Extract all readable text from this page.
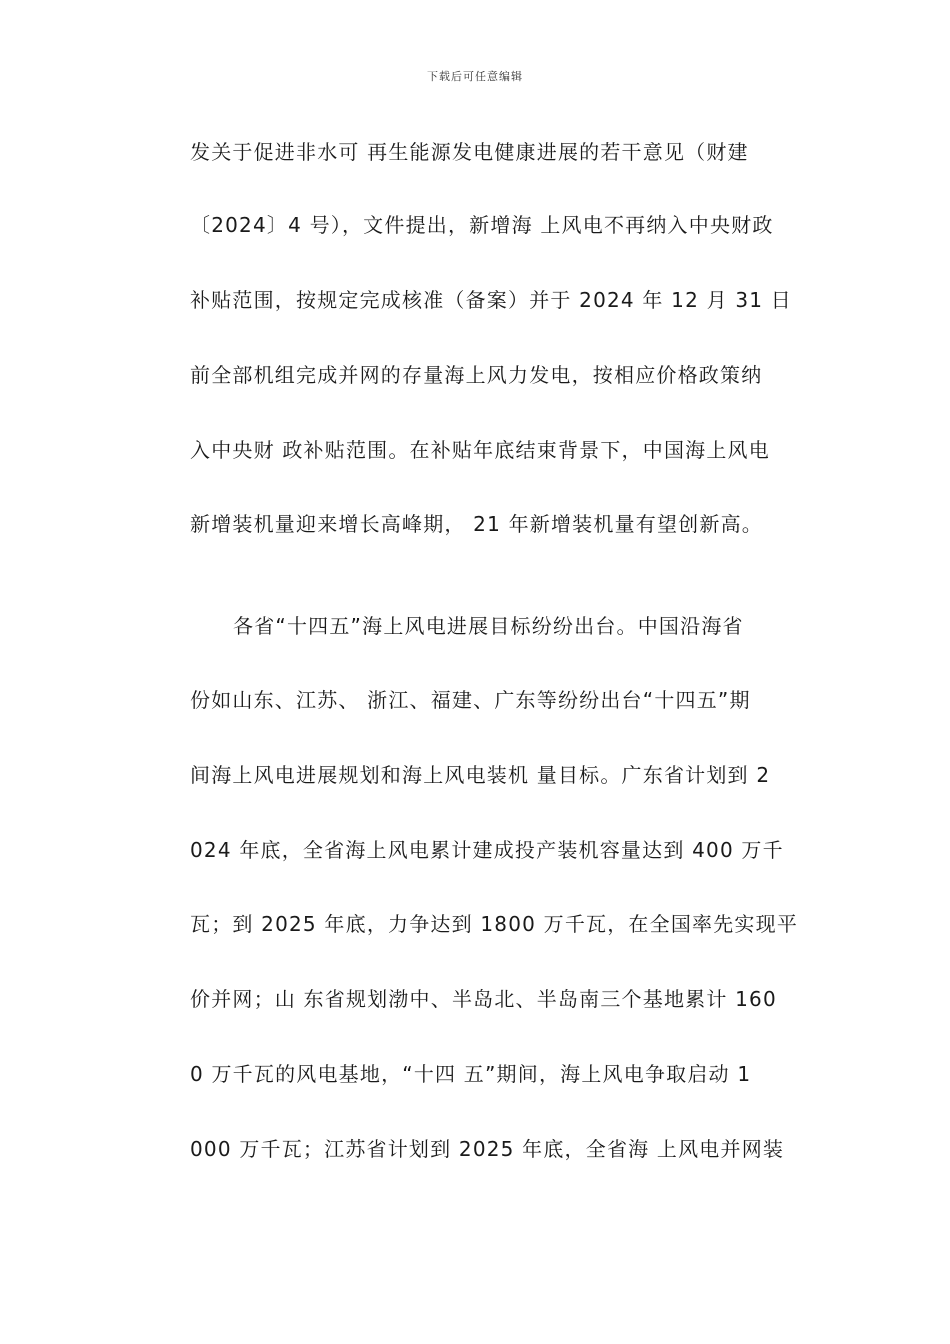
下载后可任意编辑
发关于促进非水可 再生能源发电健康进展的若干意见（财建
〔2024〕4 号），文件提出，新增海 上风电不再纳入中央财政
补贴范围，按规定完成核准（备案）并于 2024 年 12 月 31 日
前全部机组完成并网的存量海上风力发电，按相应价格政策纳
入中央财 政补贴范围。在补贴年底结束背景下，中国海上风电
新增装机量迎来增长高峰期， 21 年新增装机量有望创新高。
各省“十四五”海上风电进展目标纷纷出台。中国沿海省
份如山东、江苏、 浙江、福建、广东等纷纷出台“十四五”期
间海上风电进展规划和海上风电装机 量目标。广东省计划到 2
024 年底，全省海上风电累计建成投产装机容量达到 400 万千
瓦；到 2025 年底，力争达到 1800 万千瓦，在全国率先实现平
价并网；山 东省规划渤中、半岛北、半岛南三个基地累计 160
0 万千瓦的风电基地，“十四 五”期间，海上风电争取启动 1
000 万千瓦；江苏省计划到 2025 年底，全省海 上风电并网装
